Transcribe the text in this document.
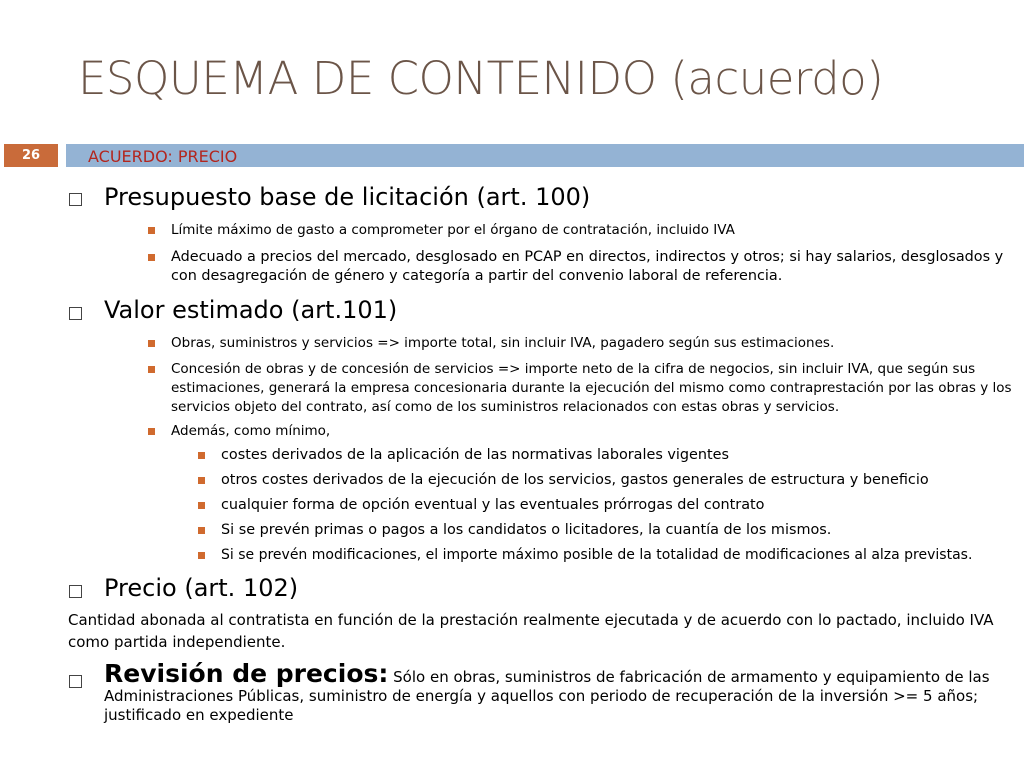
ESQUEMA DE CONTENIDO (acuerdo)
26	ACUERDO: PRECIO
Presupuesto base de licitación (art. 100)
Límite máximo de gasto a comprometer por el órgano de contratación, incluido IVA
Adecuado a precios del mercado, desglosado en PCAP en directos, indirectos y otros; si hay salarios, desglosados y con desagregación de género y categoría a partir del convenio laboral de referencia.
Valor estimado (art.101)
Obras, suministros y servicios => importe total, sin incluir IVA, pagadero según sus estimaciones.
Concesión de obras y de concesión de servicios => importe neto de la cifra de negocios, sin incluir IVA, que según sus estimaciones, generará la empresa concesionaria durante la ejecución del mismo como contraprestación por las obras y los servicios objeto del contrato, así como de los suministros relacionados con estas obras y servicios.
Además, como mínimo,
costes derivados de la aplicación de las normativas laborales vigentes
otros costes derivados de la ejecución de los servicios, gastos generales de estructura y beneficio
cualquier forma de opción eventual y las eventuales prórrogas del contrato
Si se prevén primas o pagos a los candidatos o licitadores, la cuantía de los mismos.
Si se prevén modificaciones, el importe máximo posible de la totalidad de modificaciones al alza previstas.
Precio (art. 102)
Cantidad abonada al contratista en función de la prestación realmente ejecutada y de acuerdo con lo pactado, incluido IVA como partida independiente.
Revisión de precios: Sólo en obras, suministros de fabricación de armamento y equipamiento de las Administraciones Públicas, suministro de energía y aquellos con periodo de recuperación de la inversión >= 5 años; justificado en expediente
